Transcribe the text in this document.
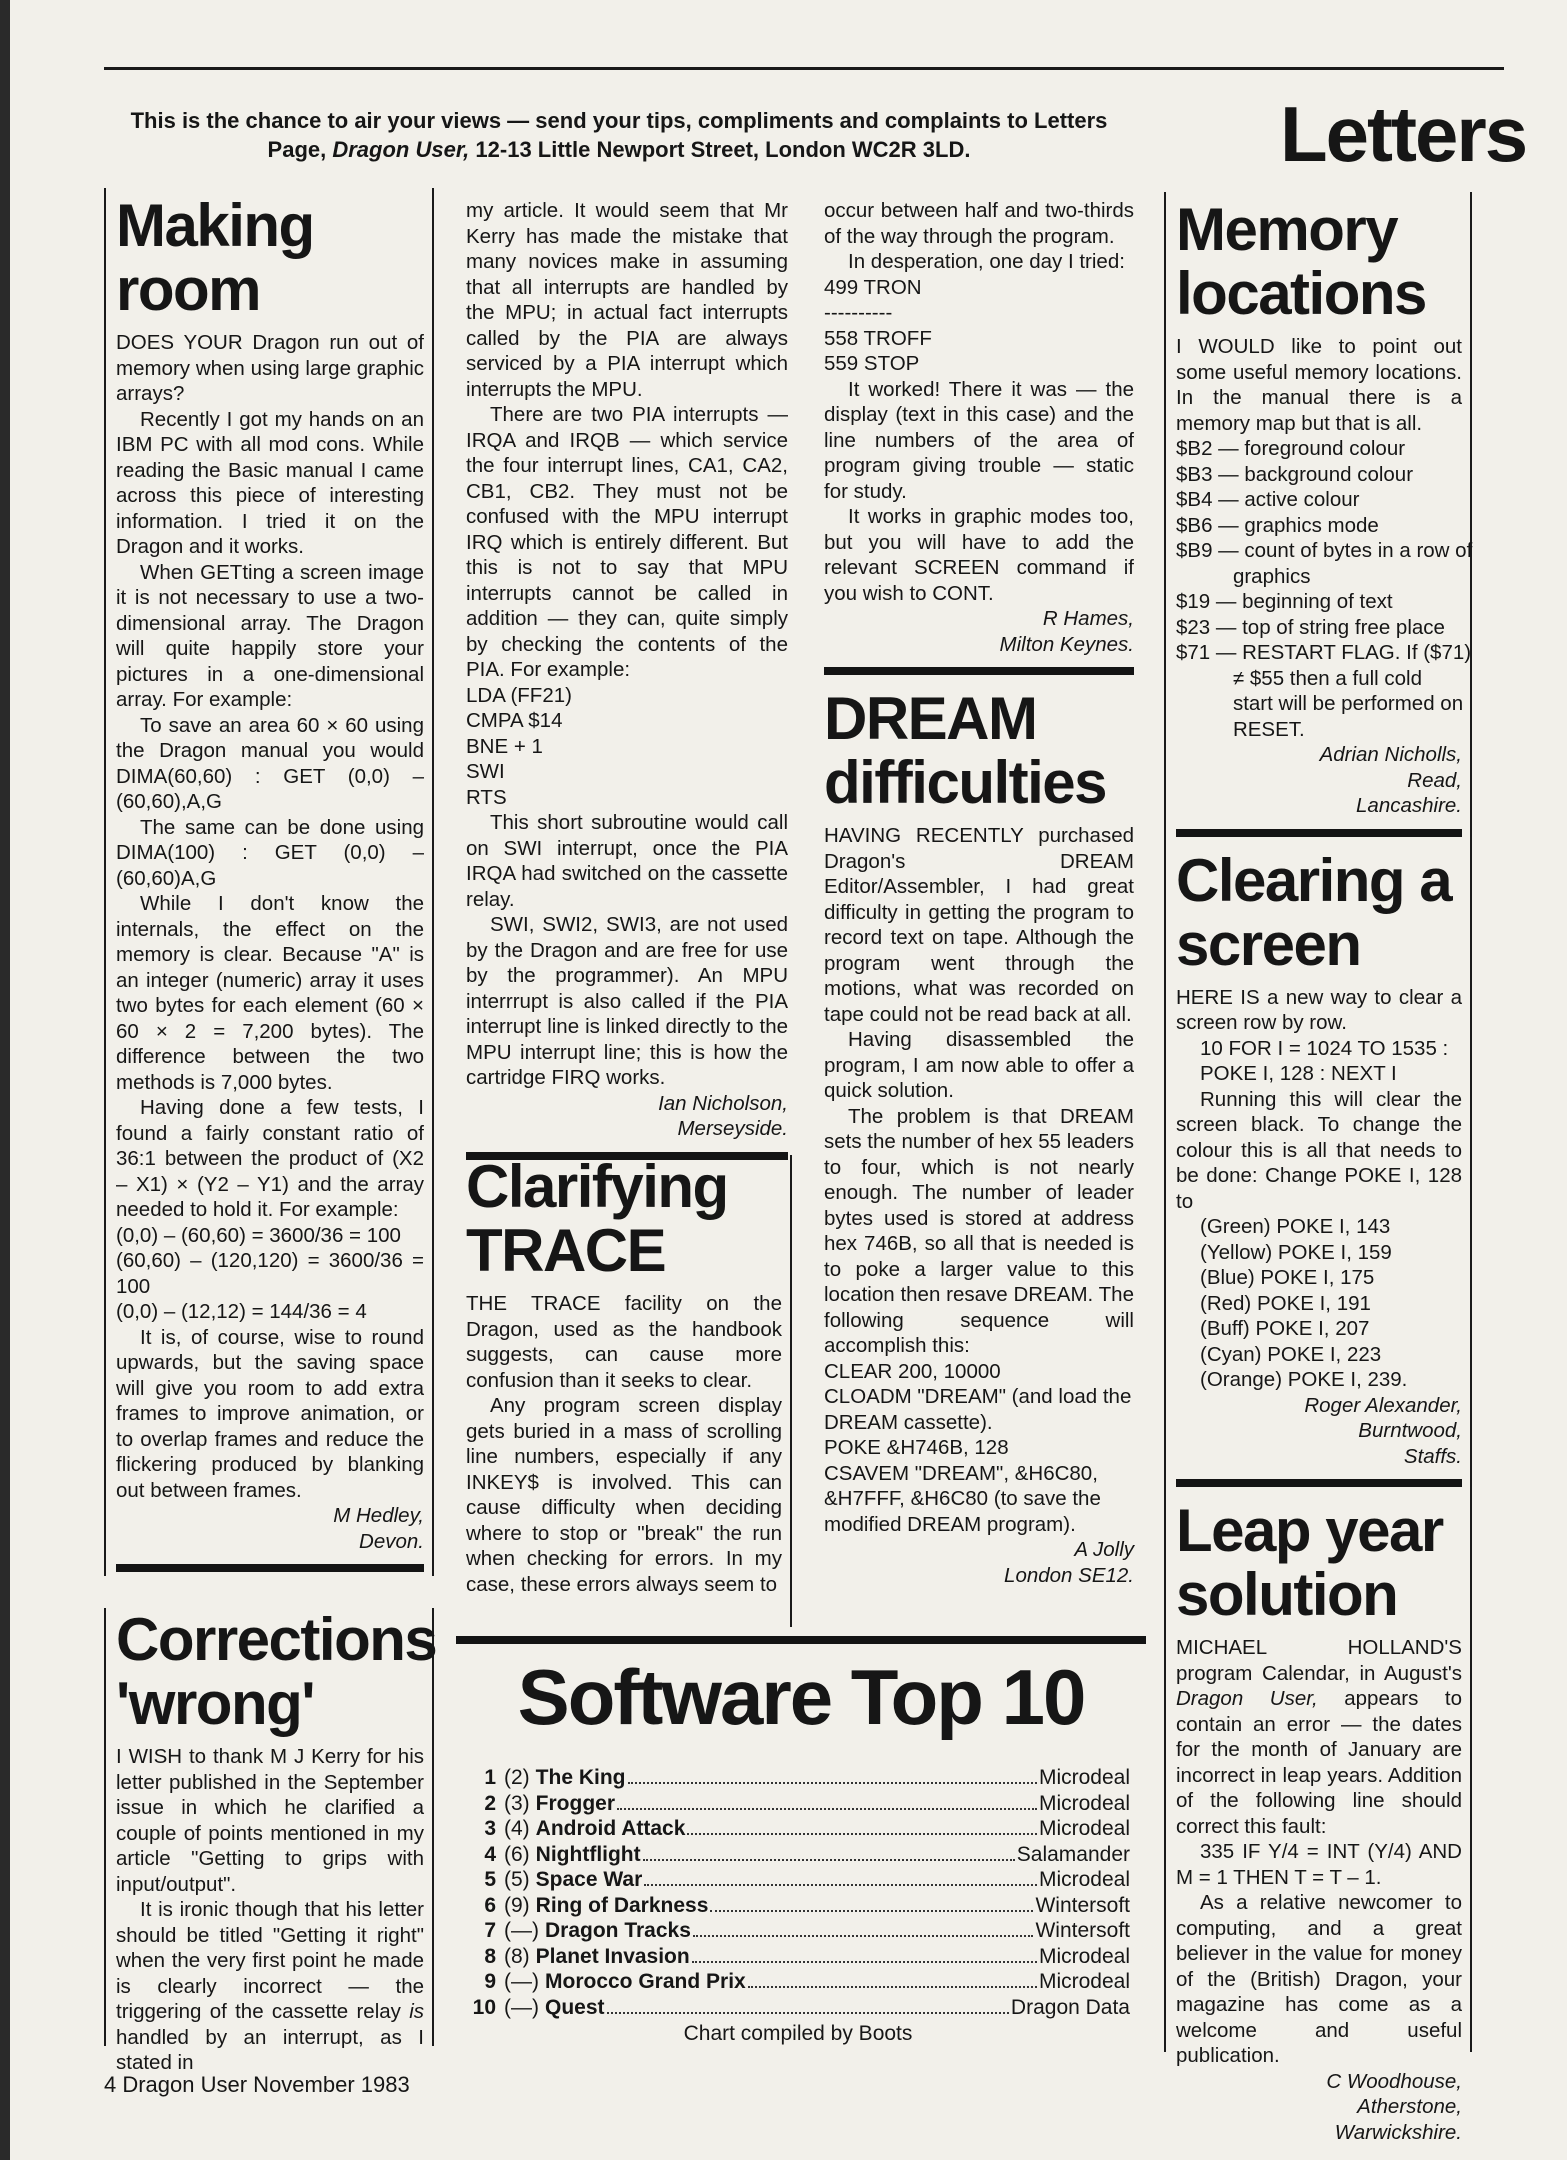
This is the chance to air your views — send your tips, compliments and complaints to Letters
Page, Dragon User, 12-13 Little Newport Street, London WC2R 3LD.	Letters
Making room

DOES YOUR Dragon run out of memory when using large graphic arrays?

Recently I got my hands on an IBM PC with all mod cons. While reading the Basic manual I came across this piece of interesting information. I tried it on the Dragon and it works.

When GETting a screen image it is not necessary to use a two-dimensional array. The Dragon will quite happily store your pictures in a one-dimensional array. For example:

To save an area 60 × 60 using the Dragon manual you would DIMA(60,60) : GET (0,0) – (60,60),A,G

The same can be done using DIMA(100) : GET (0,0) – (60,60)A,G

While I don't know the internals, the effect on the memory is clear. Because "A" is an integer (numeric) array it uses two bytes for each element (60 × 60 × 2 = 7,200 bytes). The difference between the two methods is 7,000 bytes.

Having done a few tests, I found a fairly constant ratio of 36:1 between the product of (X2 – X1) × (Y2 – Y1) and the array needed to hold it. For example:

(0,0) – (60,60) = 3600/36 = 100

(60,60) – (120,120) = 3600/36 = 100

(0,0) – (12,12) = 144/36 = 4

It is, of course, wise to round upwards, but the saving space will give you room to add extra frames to improve animation, or to overlap frames and reduce the flickering produced by blanking out between frames.

M Hedley,

Devon.

Corrections 'wrong'

I WISH to thank M J Kerry for his letter published in the September issue in which he clarified a couple of points mentioned in my article "Getting to grips with input/output".

It is ironic though that his letter should be titled "Getting it right" when the very first point he made is clearly incorrect — the triggering of the cassette relay is handled by an interrupt, as I stated in

my article. It would seem that Mr Kerry has made the mistake that many novices make in assuming that all interrupts are handled by the MPU; in actual fact interrupts called by the PIA are always serviced by a PIA interrupt which interrupts the MPU.

There are two PIA interrupts — IRQA and IRQB — which service the four interrupt lines, CA1, CA2, CB1, CB2. They must not be confused with the MPU interrupt IRQ which is entirely different. But this is not to say that MPU interrupts cannot be called in addition — they can, quite simply by checking the contents of the PIA. For example:

LDA (FF21)
CMPA $14
BNE + 1
SWI
RTS

This short subroutine would call on SWI interrupt, once the PIA IRQA had switched on the cassette relay.

SWI, SWI2, SWI3, are not used by the Dragon and are free for use by the programmer). An MPU interrrupt is also called if the PIA interrupt line is linked directly to the MPU interrupt line; this is how the cartridge FIRQ works.

Ian Nicholson,

Merseyside.

Clarifying TRACE

THE TRACE facility on the Dragon, used as the handbook suggests, can cause more confusion than it seeks to clear.

Any program screen display gets buried in a mass of scrolling line numbers, especially if any INKEY$ is involved. This can cause difficulty when deciding where to stop or "break" the run when checking for errors. In my case, these errors always seem to

occur between half and two-thirds of the way through the program.

In desperation, one day I tried:

499 TRON
----------
558 TROFF
559 STOP

It worked! There it was — the display (text in this case) and the line numbers of the area of program giving trouble — static for study.

It works in graphic modes too, but you will have to add the relevant SCREEN command if you wish to CONT.

R Hames,

Milton Keynes.

DREAM difficulties

HAVING RECENTLY purchased Dragon's DREAM Editor/Assembler, I had great difficulty in getting the program to record text on tape. Although the program went through the motions, what was recorded on tape could not be read back at all.

Having disassembled the program, I am now able to offer a quick solution.

The problem is that DREAM sets the number of hex 55 leaders to four, which is not nearly enough. The number of leader bytes used is stored at address hex 746B, so all that is needed is to poke a larger value to this location then resave DREAM. The following sequence will accomplish this:

CLEAR 200, 10000
CLOADM "DREAM" (and load the
DREAM cassette).
POKE &H746B, 128
CSAVEM "DREAM", &H6C80,
&H7FFF, &H6C80 (to save the
modified DREAM program).

A Jolly

London SE12.

Memory locations

I WOULD like to point out some useful memory locations. In the manual there is a memory map but that is all.

$B2 — foreground colour
$B3 — background colour
$B4 — active colour
$B6 — graphics mode
$B9 — count of bytes in a row of
graphics
$19 — beginning of text
$23 — top of string free place
$71 — RESTART FLAG. If ($71)
≠ $55 then a full cold
start will be performed on
RESET.

Adrian Nicholls,

Read,

Lancashire.

Clearing a screen

HERE IS a new way to clear a screen row by row.

10 FOR I = 1024 TO 1535 :
POKE I, 128 : NEXT I

Running this will clear the screen black. To change the colour this is all that needs to be done: Change POKE I, 128 to

(Green) POKE I, 143
(Yellow) POKE I, 159
(Blue) POKE I, 175
(Red) POKE I, 191
(Buff) POKE I, 207
(Cyan) POKE I, 223
(Orange) POKE I, 239.

Roger Alexander,

Burntwood,

Staffs.

Leap year solution

MICHAEL HOLLAND'S program Calendar, in August's Dragon User, appears to contain an error — the dates for the month of January are incorrect in leap years. Addition of the following line should correct this fault:

335 IF Y/4 = INT (Y/4) AND M = 1 THEN T = T – 1.

As a relative newcomer to computing, and a great believer in the value for money of the (British) Dragon, your magazine has come as a welcome and useful publication.

C Woodhouse,

Atherstone,

Warwickshire.

Software Top 10
1 (2) The King	Microdeal
2 (3) Frogger	Microdeal
3 (4) Android Attack	Microdeal
4 (6) Nightflight	Salamander
5 (5) Space War	Microdeal
6 (9) Ring of Darkness	Wintersoft
7 (—) Dragon Tracks	Wintersoft
8 (8) Planet Invasion	Microdeal
9 (—) Morocco Grand Prix	Microdeal
10 (—) Quest	Dragon Data
Chart compiled by Boots
4 Dragon User November 1983
